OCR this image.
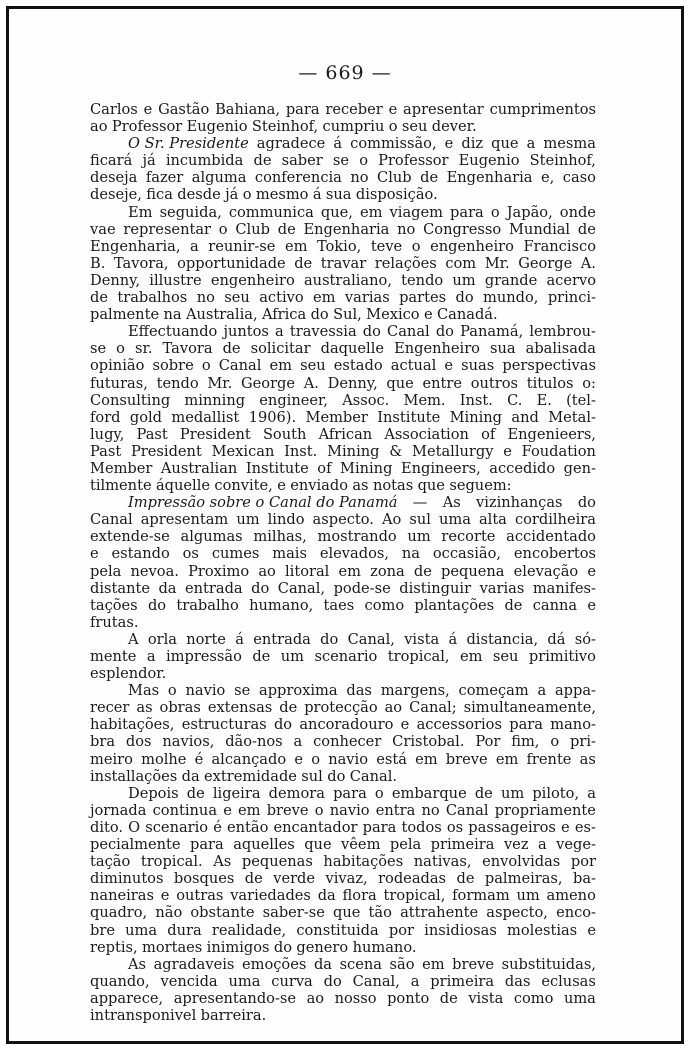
— 669 —
Carlos e Gastão Bahiana, para receber e apresentar cumprimentos
ao Professor Eugenio Steinhof, cumpriu o seu dever.
O Sr. Presidente agradece á commissão, e diz que a mesma
ficará já incumbida de saber se o Professor Eugenio Steinhof,
deseja fazer alguma conferencia no Club de Engenharia e, caso
deseje, fica desde já o mesmo á sua disposição.
Em seguida, communica que, em viagem para o Japão, onde
vae representar o Club de Engenharia no Congresso Mundial de
Engenharia, a reunir-se em Tokio, teve o engenheiro Francisco
B. Tavora, opportunidade de travar relações com Mr. George A.
Denny, illustre engenheiro australiano, tendo um grande acervo
de trabalhos no seu activo em varias partes do mundo, princi-
palmente na Australia, Africa do Sul, Mexico e Canadá.
Effectuando juntos a travessia do Canal do Panamá, lembrou-
se o sr. Tavora de solicitar daquelle Engenheiro sua abalisada
opinião sobre o Canal em seu estado actual e suas perspectivas
futuras, tendo Mr. George A. Denny, que entre outros titulos o:
Consulting minning engineer, Assoc. Mem. Inst. C. E. (tel-
ford gold medallist 1906). Member Institute Mining and Metal-
lugy, Past President South African Association of Engenieers,
Past President Mexican Inst. Mining & Metallurgy e Foudation
Member Australian Institute of Mining Engineers, accedido gen-
tilmente áquelle convite, e enviado as notas que seguem:
Impressão sobre o Canal do Panamá — As vizinhanças do
Canal apresentam um lindo aspecto. Ao sul uma alta cordilheira
extende-se algumas milhas, mostrando um recorte accidentado
e estando os cumes mais elevados, na occasião, encobertos
pela nevoa. Proximo ao litoral em zona de pequena elevação e
distante da entrada do Canal, pode-se distinguir varias manifes-
tações do trabalho humano, taes como plantações de canna e
frutas.
A orla norte á entrada do Canal, vista á distancia, dá só-
mente a impressão de um scenario tropical, em seu primitivo
esplendor.
Mas o navio se approxima das margens, começam a appa-
recer as obras extensas de protecção ao Canal; simultaneamente,
habitações, estructuras do ancoradouro e accessorios para mano-
bra dos navios, dão-nos a conhecer Cristobal. Por fim, o pri-
meiro molhe é alcançado e o navio está em breve em frente as
installações da extremidade sul do Canal.
Depois de ligeira demora para o embarque de um piloto, a
jornada continua e em breve o navio entra no Canal propriamente
dito. O scenario é então encantador para todos os passageiros e es-
pecialmente para aquelles que vêem pela primeira vez a vege-
tação tropical. As pequenas habitações nativas, envolvidas por
diminutos bosques de verde vivaz, rodeadas de palmeiras, ba-
naneiras e outras variedades da flora tropical, formam um ameno
quadro, não obstante saber-se que tão attrahente aspecto, enco-
bre uma dura realidade, constituida por insidiosas molestias e
reptis, mortaes inimigos do genero humano.
As agradaveis emoções da scena são em breve substituidas,
quando, vencida uma curva do Canal, a primeira das eclusas
apparece, apresentando-se ao nosso ponto de vista como uma
intransponivel barreira.
